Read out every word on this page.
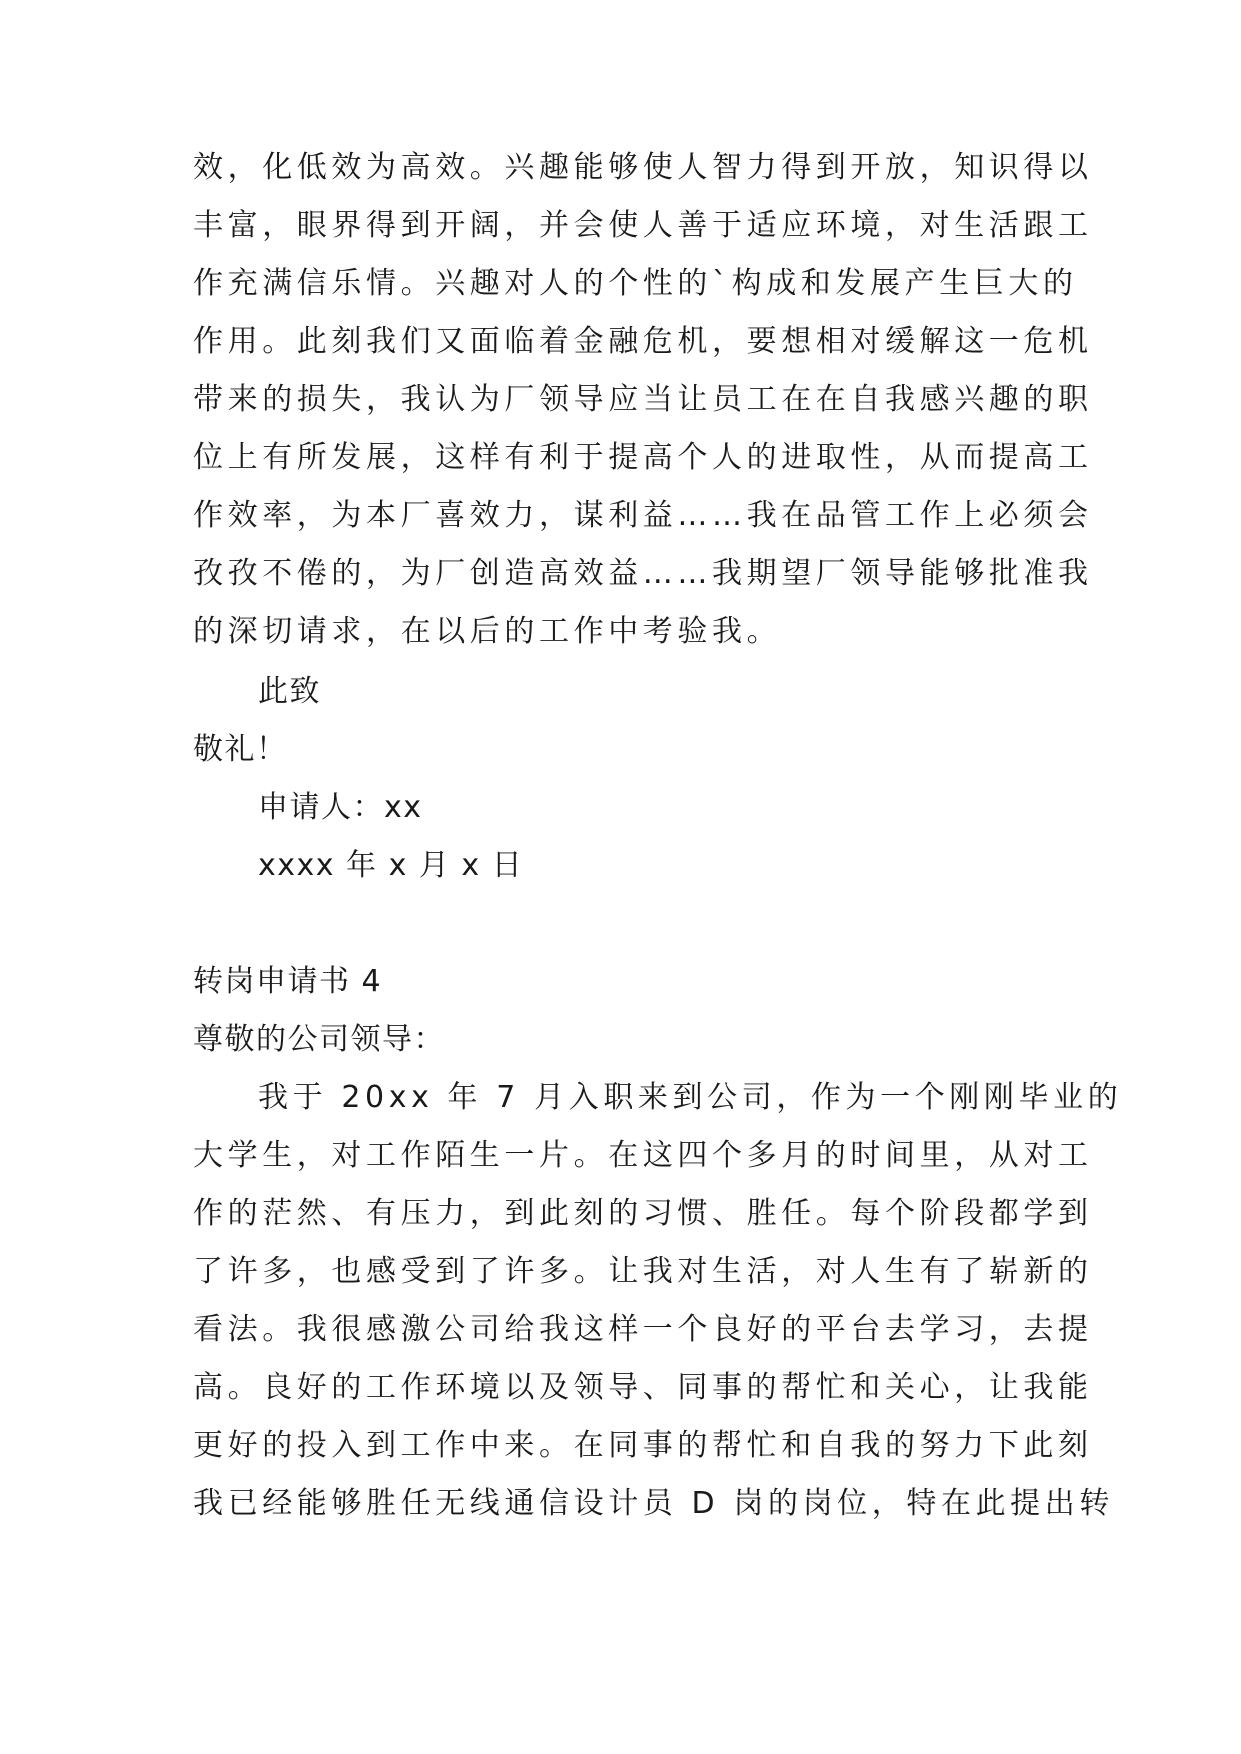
效，化低效为高效。兴趣能够使人智力得到开放，知识得以
丰富，眼界得到开阔，并会使人善于适应环境，对生活跟工
作充满信乐情。兴趣对人的个性的`构成和发展产生巨大的
作用。此刻我们又面临着金融危机，要想相对缓解这一危机
带来的损失，我认为厂领导应当让员工在在自我感兴趣的职
位上有所发展，这样有利于提高个人的进取性，从而提高工
作效率，为本厂喜效力，谋利益……我在品管工作上必须会
孜孜不倦的，为厂创造高效益……我期望厂领导能够批准我
的深切请求，在以后的工作中考验我。
此致
敬礼！
申请人：xx
xxxx 年 x 月 x 日
转岗申请书 4
尊敬的公司领导：
我于 20xx 年 7 月入职来到公司，作为一个刚刚毕业的
大学生，对工作陌生一片。在这四个多月的时间里，从对工
作的茫然、有压力，到此刻的习惯、胜任。每个阶段都学到
了许多，也感受到了许多。让我对生活，对人生有了崭新的
看法。我很感激公司给我这样一个良好的平台去学习，去提
高。良好的工作环境以及领导、同事的帮忙和关心，让我能
更好的投入到工作中来。在同事的帮忙和自我的努力下此刻
我已经能够胜任无线通信设计员 D 岗的岗位，特在此提出转
